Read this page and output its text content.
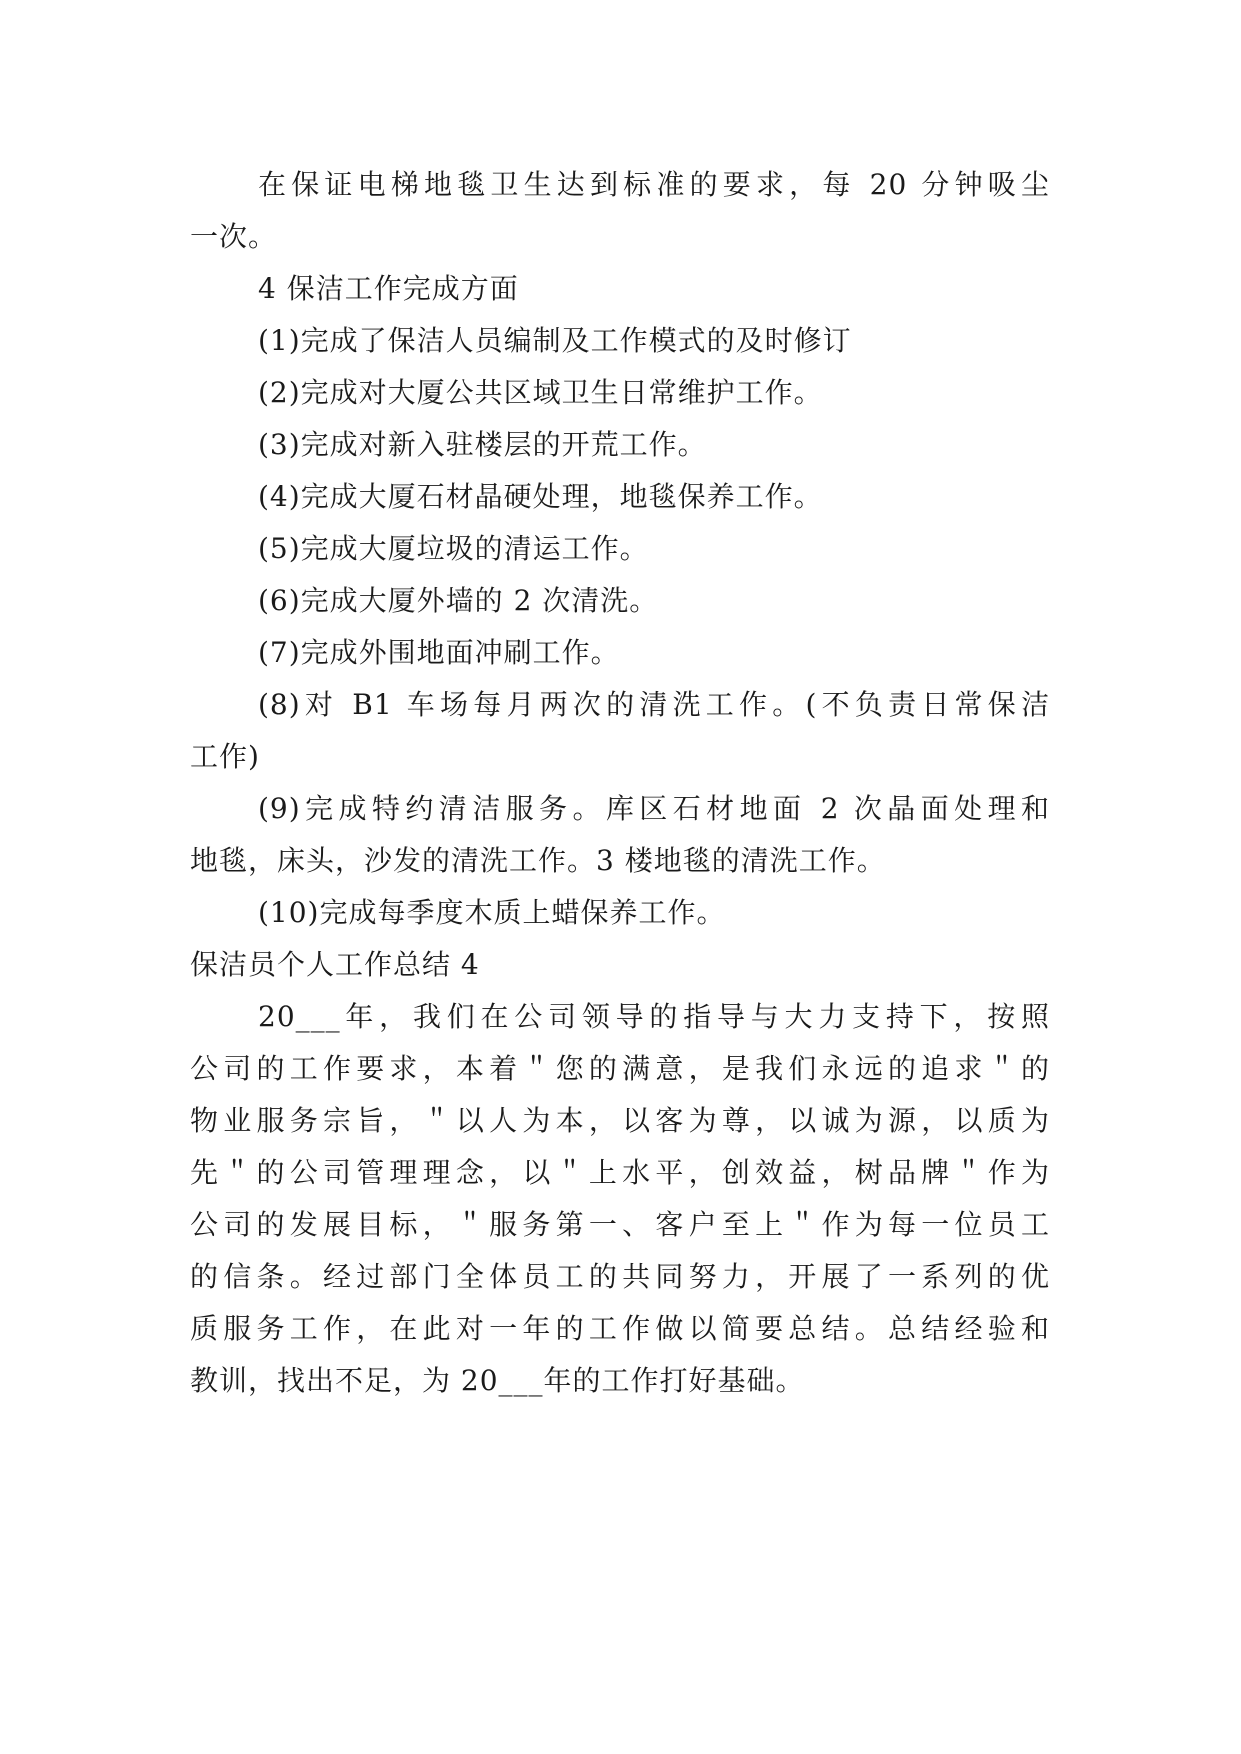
在保证电梯地毯卫生达到标准的要求，每 20 分钟吸尘
一次。
4 保洁工作完成方面
(1)完成了保洁人员编制及工作模式的及时修订
(2)完成对大厦公共区域卫生日常维护工作。
(3)完成对新入驻楼层的开荒工作。
(4)完成大厦石材晶硬处理，地毯保养工作。
(5)完成大厦垃圾的清运工作。
(6)完成大厦外墙的 2 次清洗。
(7)完成外围地面冲刷工作。
(8)对 B1 车场每月两次的清洗工作。(不负责日常保洁
工作)
(9)完成特约清洁服务。库区石材地面 2 次晶面处理和
地毯，床头，沙发的清洗工作。3 楼地毯的清洗工作。
(10)完成每季度木质上蜡保养工作。
保洁员个人工作总结 4
20___年，我们在公司领导的指导与大力支持下，按照
公司的工作要求，本着＂您的满意，是我们永远的追求＂的
物业服务宗旨，＂以人为本，以客为尊，以诚为源，以质为
先＂的公司管理理念，以＂上水平，创效益，树品牌＂作为
公司的发展目标，＂服务第一、客户至上＂作为每一位员工
的信条。经过部门全体员工的共同努力，开展了一系列的优
质服务工作，在此对一年的工作做以简要总结。总结经验和
教训，找出不足，为 20___年的工作打好基础。
